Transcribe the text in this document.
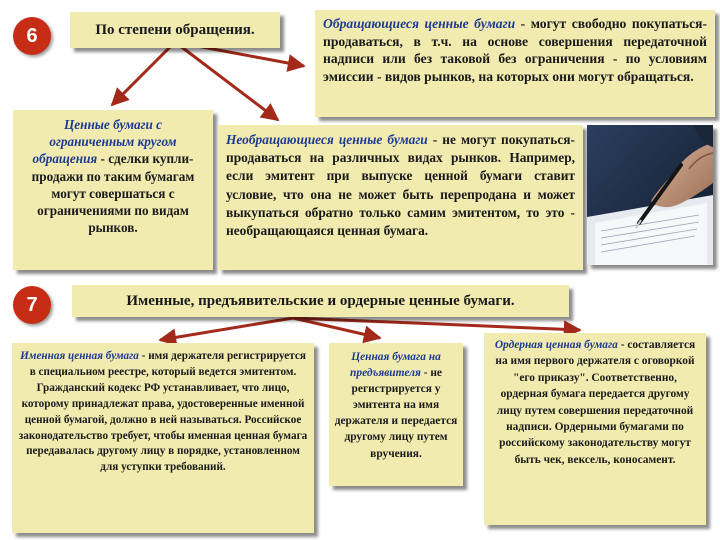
6	По степени обращения.	Обращающиеся ценные бумаги - могут свободно покупаться-продаваться, в т.ч. на основе совершения передаточной надписи или без таковой без ограничения - по условиям эмиссии - видов рынков, на которых они могут обращаться.
Ценные бумаги с ограниченным кругом обращения - сделки купли-продажи по таким бумагам могут совершаться с ограничениями по видам рынков.
Необращающиеся ценные бумаги - не могут покупаться-продаваться на различных видах рынков. Например, если эмитент при выпуске ценной бумаги ставит условие, что она не может быть перепродана и может выкупаться обратно только самим эмитентом, то это - необращающаяся ценная бумага.
7	Именные, предъявительские и ордерные ценные бумаги.
Именная ценная бумага - имя держателя регистрируется в специальном реестре, который ведется эмитентом. Гражданский кодекс РФ устанавливает, что лицо, которому принадлежат права, удостоверенные именной ценной бумагой, должно в ней называться. Российское законодательство требует, чтобы именная ценная бумага передавалась другому лицу в порядке, установленном для уступки требований.
Ценная бумага на предъявителя - не регистрируется у эмитента на имя держателя и передается другому лицу путем вручения.
Ордерная ценная бумага - составляется на имя первого держателя с оговоркой "его приказу". Соответственно, ордерная бумага передается другому лицу путем совершения передаточной надписи. Ордерными бумагами по российскому законодательству могут быть чек, вексель, коносамент.
